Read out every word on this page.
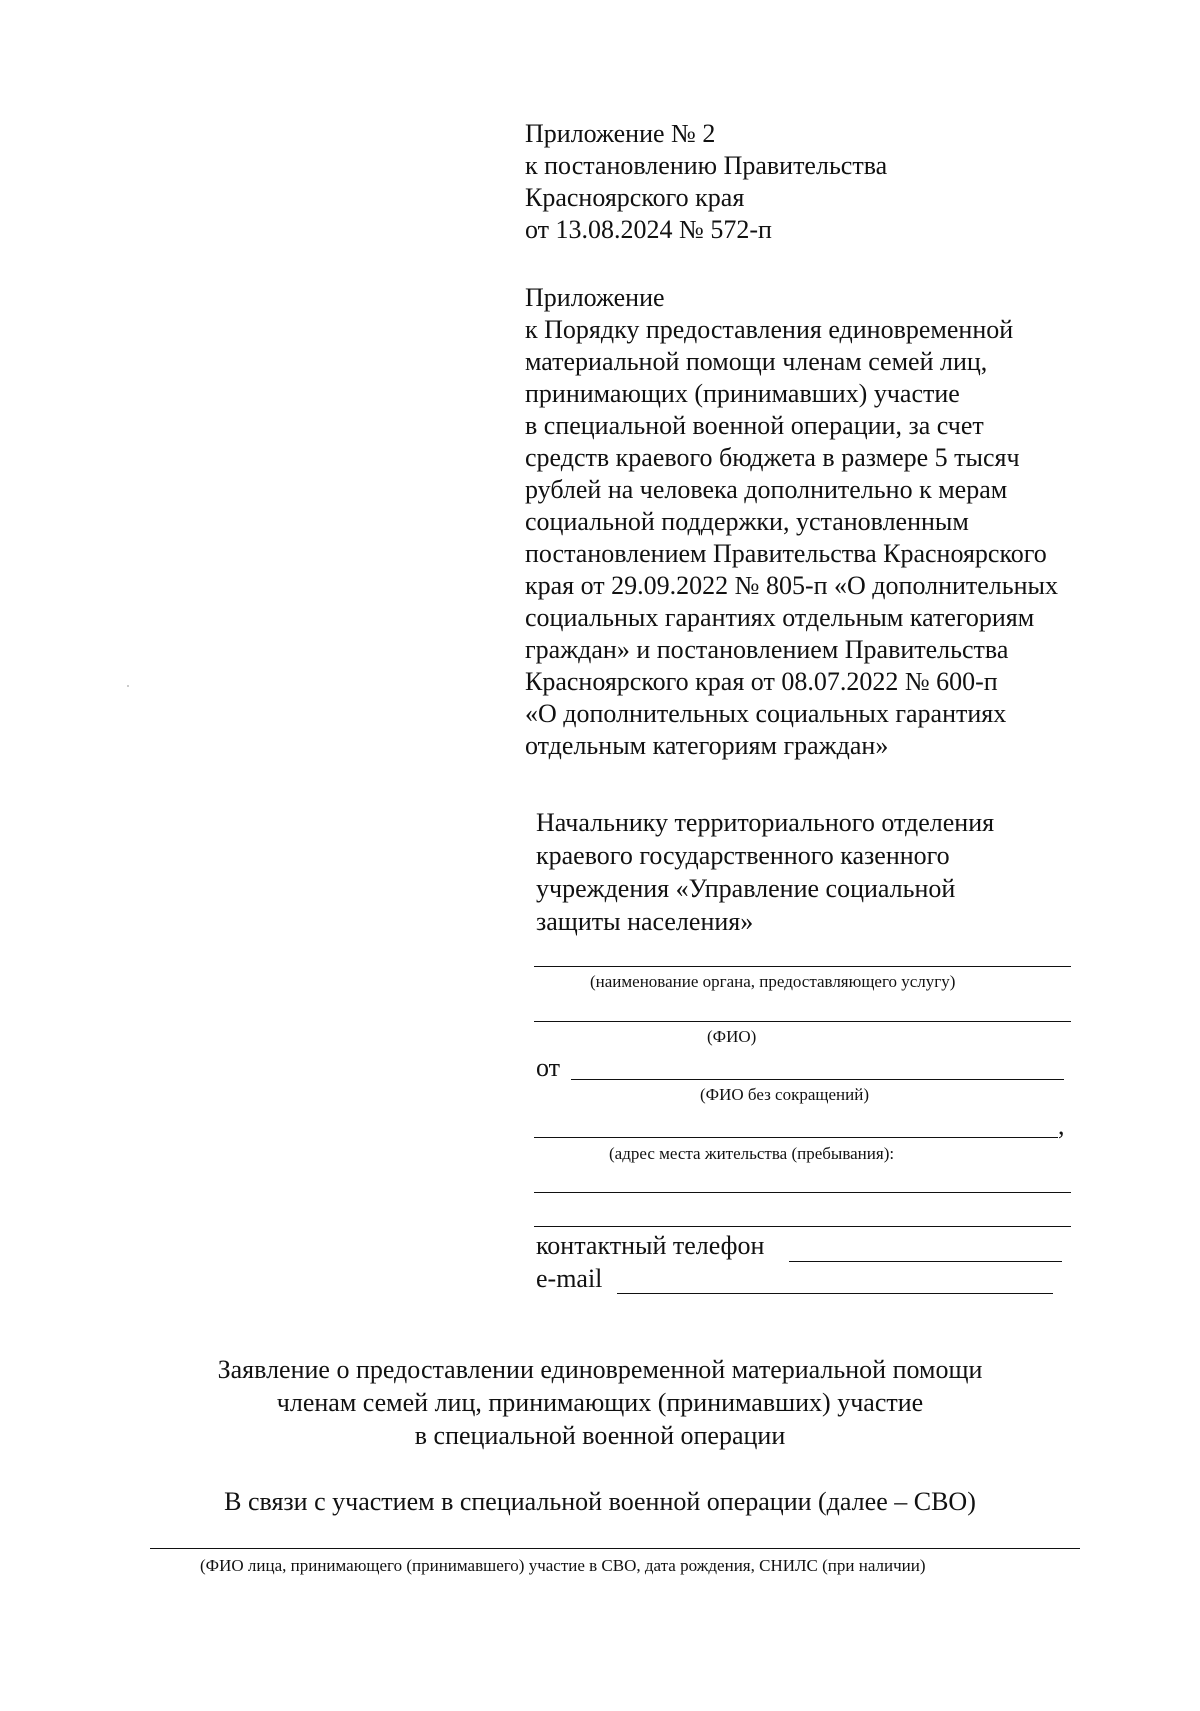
Приложение № 2
к постановлению Правительства
Красноярского края
от 13.08.2024 № 572-п
Приложение
к Порядку предоставления единовременной
материальной помощи членам семей лиц,
принимающих (принимавших) участие
в специальной военной операции, за счет
средств краевого бюджета в размере 5 тысяч
рублей на человека дополнительно к мерам
социальной поддержки, установленным
постановлением Правительства Красноярского
края от 29.09.2022 № 805-п «О дополнительных
социальных гарантиях отдельным категориям
граждан» и постановлением Правительства
Красноярского края от 08.07.2022 № 600-п
«О дополнительных социальных гарантиях
отдельным категориям граждан»
Начальнику территориального отделения
краевого государственного казенного
учреждения «Управление социальной
защиты населения»
(наименование органа, предоставляющего услугу)
(ФИО)
от
(ФИО без сокращений)
,
(адрес места жительства (пребывания):
контактный телефон
e-mail
Заявление о предоставлении единовременной материальной помощи
членам семей лиц, принимающих (принимавших) участие
в специальной военной операции
В связи с участием в специальной военной операции (далее – СВО)
(ФИО лица, принимающего (принимавшего) участие в СВО, дата рождения, СНИЛС (при наличии)
